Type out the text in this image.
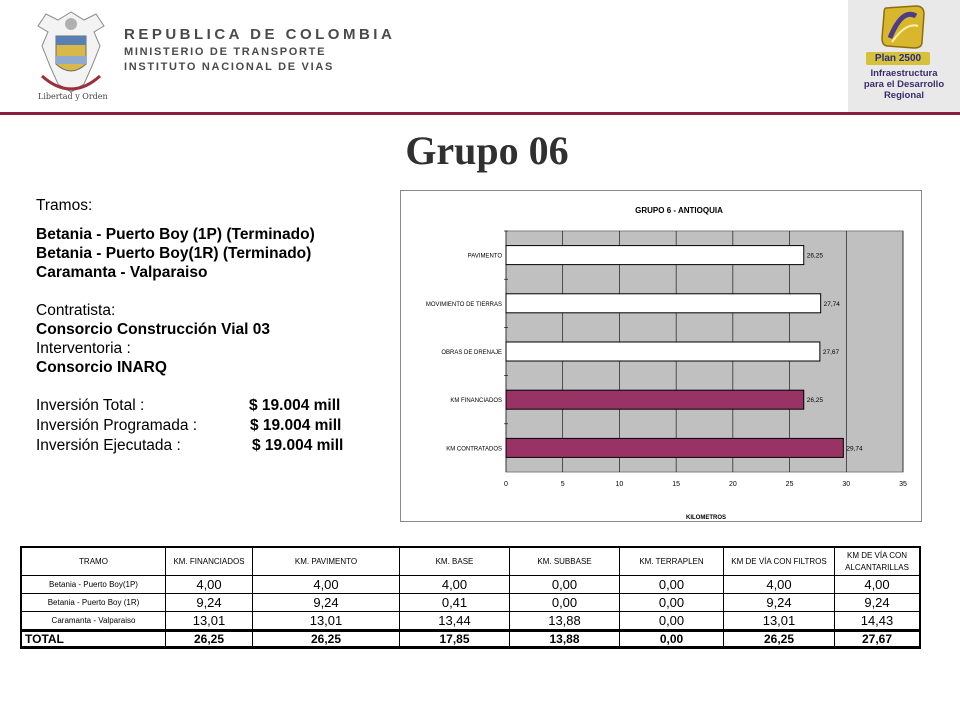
Libertad y Orden
REPUBLICA DE COLOMBIA
MINISTERIO DE TRANSPORTE
INSTITUTO NACIONAL DE VIAS
Plan 2500
Infraestructura
para el Desarrollo
Regional
Grupo 06
Tramos:
Betania - Puerto Boy (1P) (Terminado)
Betania - Puerto Boy(1R) (Terminado)
Caramanta - Valparaiso
Contratista:
Consorcio Construcción Vial 03
Interventoria :
Consorcio INARQ
Inversión Total :	$ 19.004 mill
Inversión Programada :	$ 19.004 mill
Inversión Ejecutada :	$ 19.004 mill
GRUPO 6 - ANTIOQUIA
0	5	10	15	20	25	30	35
PAVIMENTO	26,25
MOVIMIENTO DE TIERRAS	27,74
OBRAS DE DRENAJE	27,67
KM FINANCIADOS	26,25
KM CONTRATADOS	29,74
KILOMETROS
TRAMO	KM. FINANCIADOS	KM. PAVIMENTO	KM. BASE	KM. SUBBASE	KM. TERRAPLEN	KM DE VÍA CON FILTROS	KM DE VÍA CON ALCANTARILLAS
Betania - Puerto Boy(1P)	4,00	4,00	4,00	0,00	0,00	4,00	4,00
Betania - Puerto Boy (1R)	9,24	9,24	0,41	0,00	0,00	9,24	9,24
Caramanta - Valparaiso	13,01	13,01	13,44	13,88	0,00	13,01	14,43
TOTAL	26,25	26,25	17,85	13,88	0,00	26,25	27,67
